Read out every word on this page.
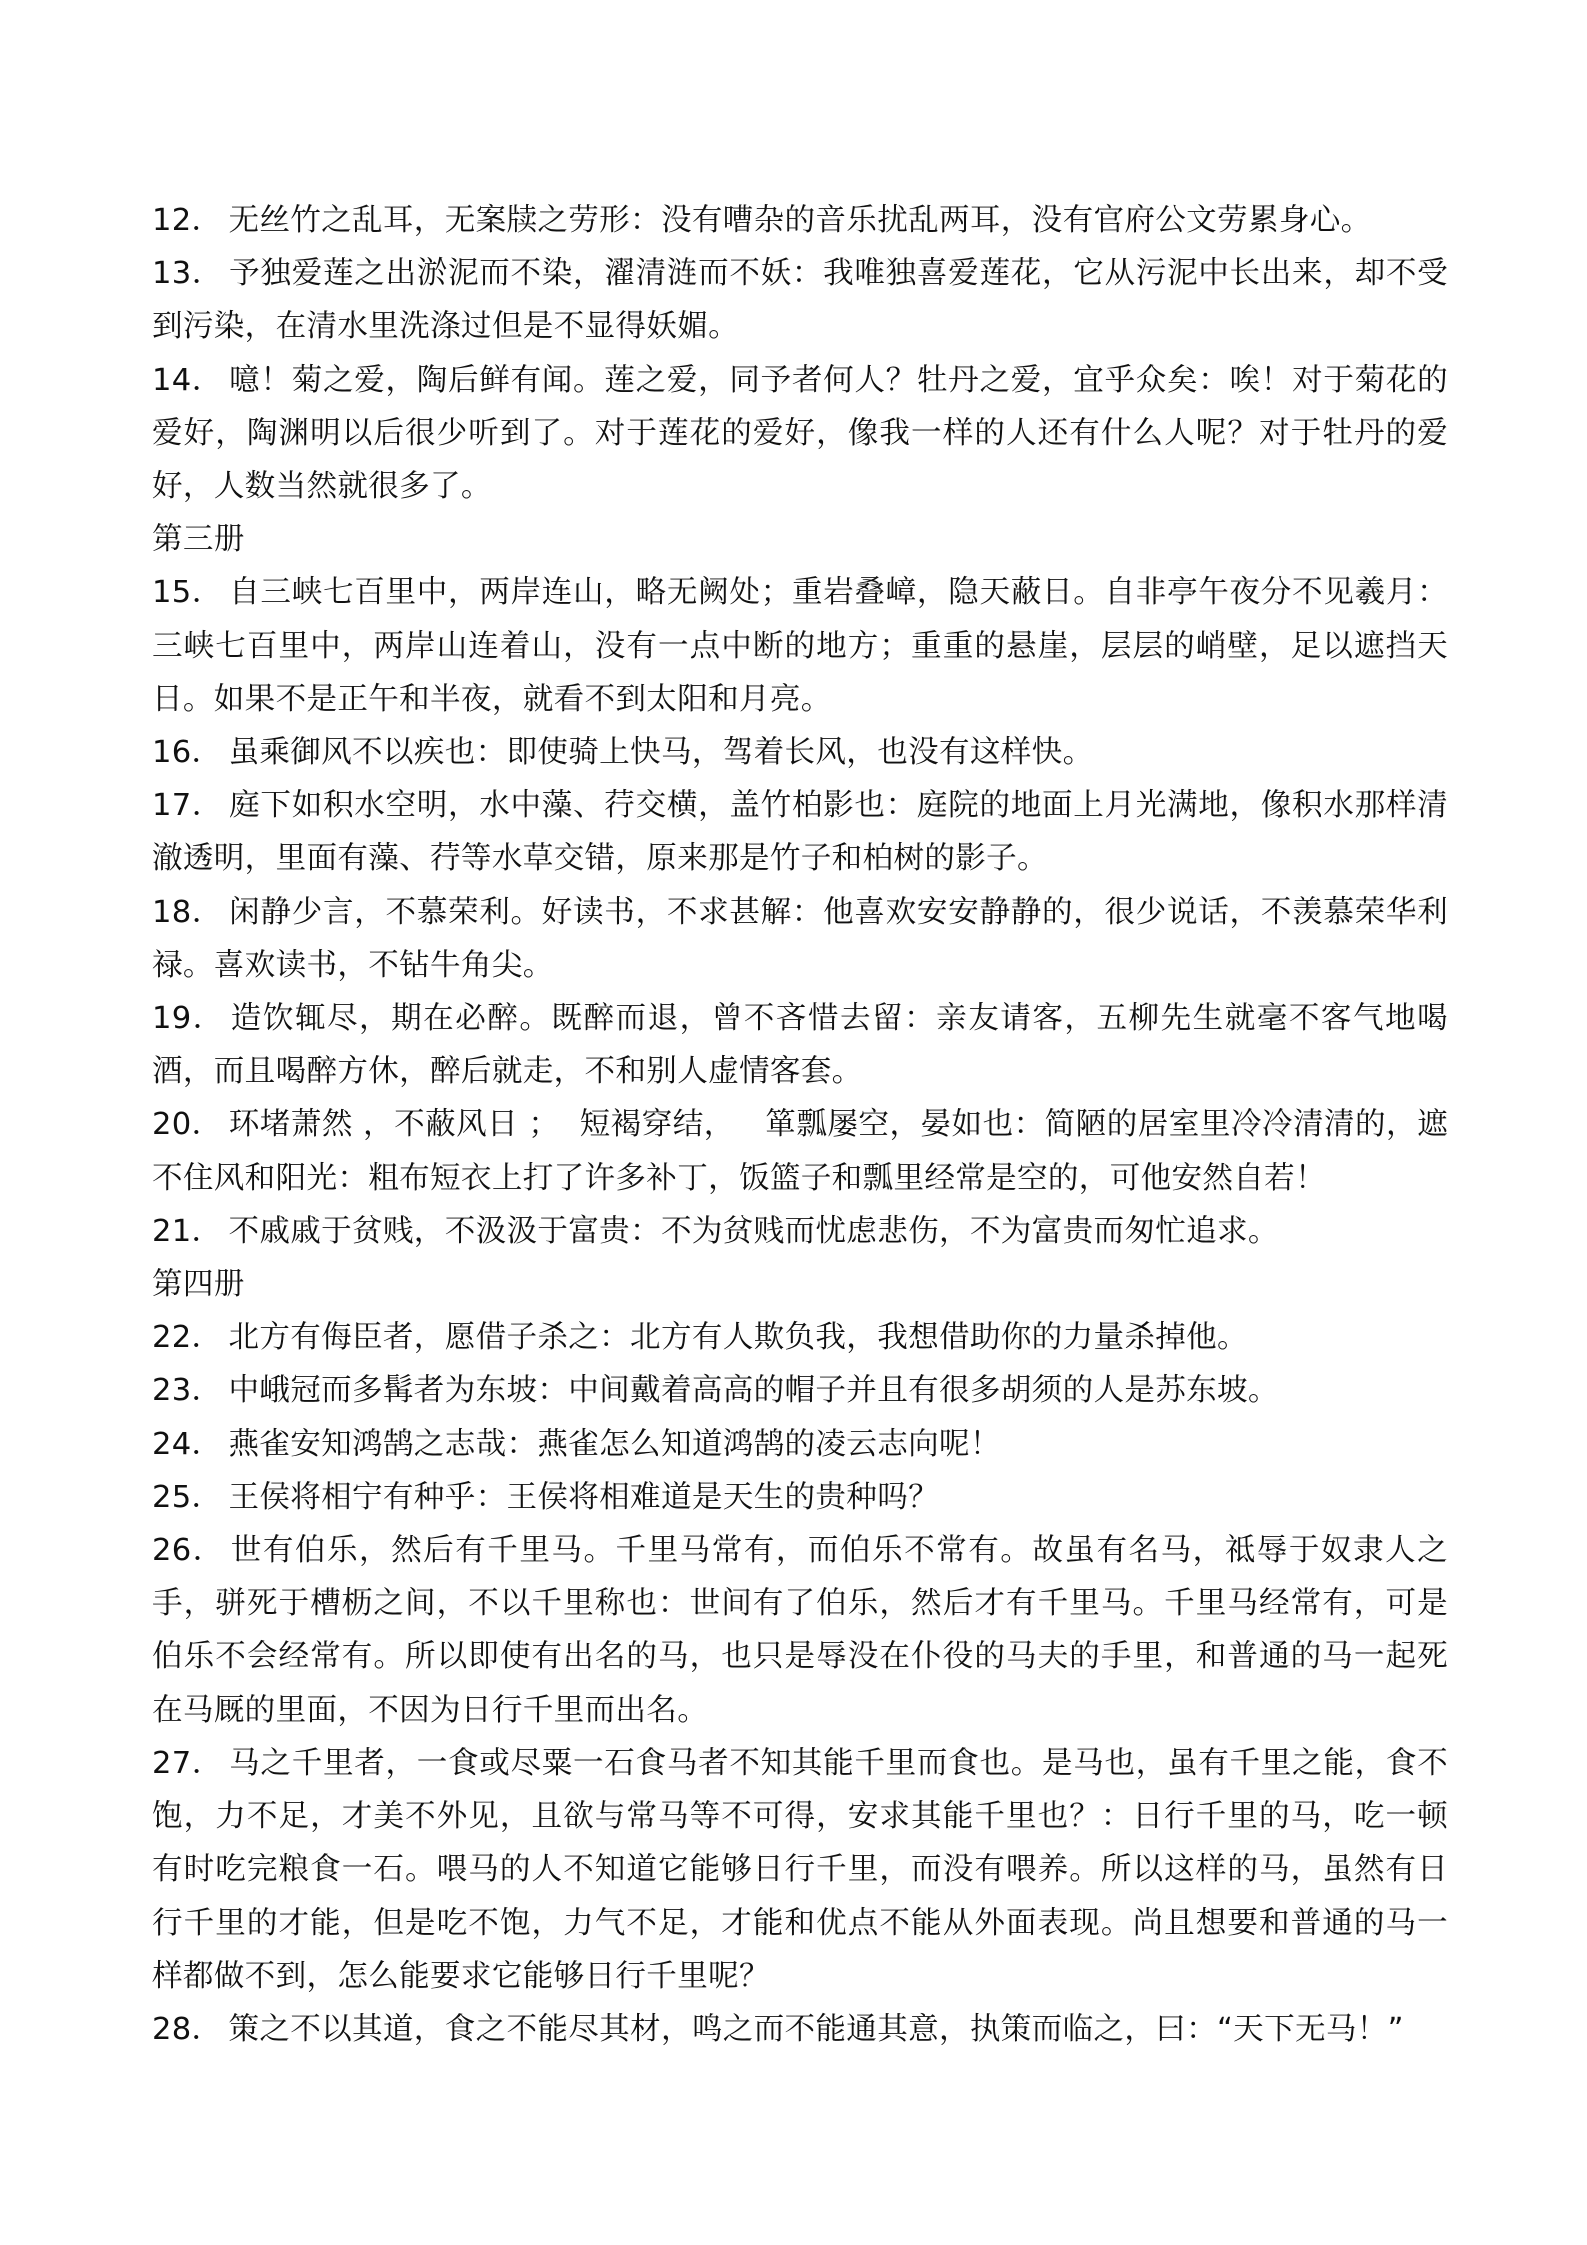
12． 无丝竹之乱耳，无案牍之劳形：没有嘈杂的音乐扰乱两耳，没有官府公文劳累身心。

13． 予独爱莲之出淤泥而不染，濯清涟而不妖：我唯独喜爱莲花，它从污泥中长出来，却不受到污染，在清水里洗涤过但是不显得妖媚。

14． 噫！菊之爱，陶后鲜有闻。莲之爱，同予者何人？牡丹之爱，宜乎众矣：唉！对于菊花的爱好，陶渊明以后很少听到了。对于莲花的爱好，像我一样的人还有什么人呢？对于牡丹的爱好，人数当然就很多了。

第三册

15． 自三峡七百里中，两岸连山，略无阙处；重岩叠嶂，隐天蔽日。自非亭午夜分不见羲月：三峡七百里中，两岸山连着山，没有一点中断的地方；重重的悬崖，层层的峭壁，足以遮挡天日。如果不是正午和半夜，就看不到太阳和月亮。

16． 虽乘御风不以疾也：即使骑上快马，驾着长风，也没有这样快。

17． 庭下如积水空明，水中藻、荇交横，盖竹柏影也：庭院的地面上月光满地，像积水那样清澈透明，里面有藻、荇等水草交错，原来那是竹子和柏树的影子。

18． 闲静少言，不慕荣利。好读书，不求甚解：他喜欢安安静静的，很少说话，不羡慕荣华利禄。喜欢读书，不钻牛角尖。

19． 造饮辄尽，期在必醉。既醉而退，曾不吝惜去留：亲友请客，五柳先生就毫不客气地喝酒，而且喝醉方休，醉后就走，不和别人虚情客套。

20． 环堵萧然 ，不蔽风日 ；  短褐穿结，   箪瓢屡空，晏如也：简陋的居室里冷冷清清的，遮不住风和阳光：粗布短衣上打了许多补丁，饭篮子和瓢里经常是空的，可他安然自若！

21． 不戚戚于贫贱，不汲汲于富贵：不为贫贱而忧虑悲伤，不为富贵而匆忙追求。

第四册

22． 北方有侮臣者，愿借子杀之：北方有人欺负我，我想借助你的力量杀掉他。

23． 中峨冠而多髯者为东坡：中间戴着高高的帽子并且有很多胡须的人是苏东坡。

24． 燕雀安知鸿鹄之志哉：燕雀怎么知道鸿鹄的凌云志向呢！

25． 王侯将相宁有种乎：王侯将相难道是天生的贵种吗？

26． 世有伯乐，然后有千里马。千里马常有，而伯乐不常有。故虽有名马，祗辱于奴隶人之手，骈死于槽枥之间，不以千里称也：世间有了伯乐，然后才有千里马。千里马经常有，可是伯乐不会经常有。所以即使有出名的马，也只是辱没在仆役的马夫的手里，和普通的马一起死在马厩的里面，不因为日行千里而出名。

27． 马之千里者，一食或尽粟一石食马者不知其能千里而食也。是马也，虽有千里之能，食不饱，力不足，才美不外见，且欲与常马等不可得，安求其能千里也？：日行千里的马，吃一顿有时吃完粮食一石。喂马的人不知道它能够日行千里，而没有喂养。所以这样的马，虽然有日行千里的才能，但是吃不饱，力气不足，才能和优点不能从外面表现。尚且想要和普通的马一样都做不到，怎么能要求它能够日行千里呢？

28． 策之不以其道，食之不能尽其材，鸣之而不能通其意，执策而临之，曰：“天下无马！”
